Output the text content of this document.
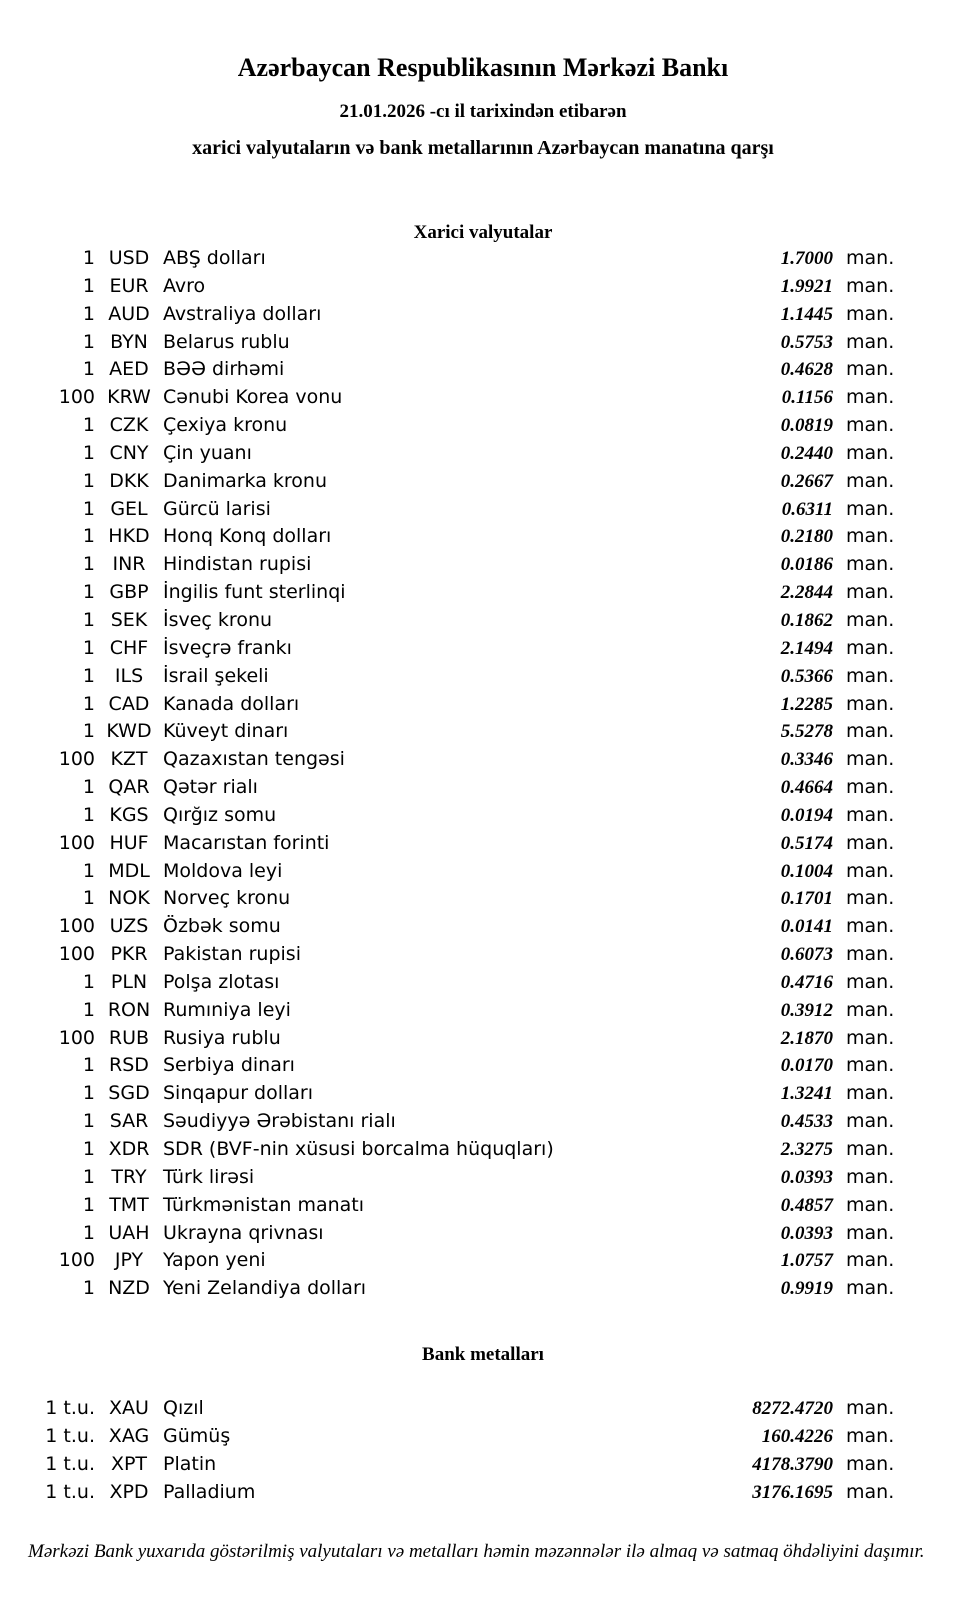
Azərbaycan Respublikasının Mərkəzi Bankı
21.01.2026 -cı il tarixindən etibarən
xarici valyutaların və bank metallarının Azərbaycan manatına qarşı
Xarici valyutalar
1 USD ABŞ dolları	1.7000 man.
1 EUR Avro	1.9921 man.
1 AUD Avstraliya dolları	1.1445 man.
1 BYN Belarus rublu	0.5753 man.
1 AED BƏƏ dirhəmi	0.4628 man.
100 KRW Cənubi Korea vonu	0.1156 man.
1 CZK Çexiya kronu	0.0819 man.
1 CNY Çin yuanı	0.2440 man.
1 DKK Danimarka kronu	0.2667 man.
1 GEL Gürcü larisi	0.6311 man.
1 HKD Honq Konq dolları	0.2180 man.
1 INR Hindistan rupisi	0.0186 man.
1 GBP İngilis funt sterlinqi	2.2844 man.
1 SEK İsveç kronu	0.1862 man.
1 CHF İsveçrə frankı	2.1494 man.
1	ILS	İsrail şekeli	0.5366 man.
1 CAD Kanada dolları	1.2285 man.
1 KWD Küveyt dinarı	5.5278 man.
100 KZT Qazaxıstan tengəsi	0.3346 man.
1 QAR Qətər rialı	0.4664 man.
1 KGS Qırğız somu	0.0194 man.
100 HUF Macarıstan forinti	0.5174 man.
1 MDL Moldova leyi	0.1004 man.
1 NOK Norveç kronu	0.1701 man.
100 UZS Özbək somu	0.0141 man.
100 PKR Pakistan rupisi	0.6073 man.
1 PLN Polşa zlotası	0.4716 man.
1 RON Rumıniya leyi	0.3912 man.
100 RUB Rusiya rublu	2.1870 man.
1 RSD Serbiya dinarı	0.0170 man.
1 SGD Sinqapur dolları	1.3241 man.
1 SAR Səudiyyə Ərəbistanı rialı	0.4533 man.
1 XDR SDR (BVF-nin xüsusi borcalma hüquqları)	2.3275 man.
1 TRY Türk lirəsi	0.0393 man.
1 TMT Türkmənistan manatı	0.4857 man.
1 UAH Ukrayna qrivnası	0.0393 man.
100	JPY	Yapon yeni	1.0757 man.
1 NZD Yeni Zelandiya dolları	0.9919 man.
Bank metalları
1 t.u. XAU Qızıl	8272.4720 man.
1 t.u. XAG Gümüş	160.4226 man.
1 t.u. XPT Platin	4178.3790 man.
1 t.u. XPD Palladium	3176.1695 man.
Mərkəzi Bank yuxarıda göstərilmiş valyutaları və metalları həmin məzənnələr ilə almaq və satmaq öhdəliyini daşımır.
